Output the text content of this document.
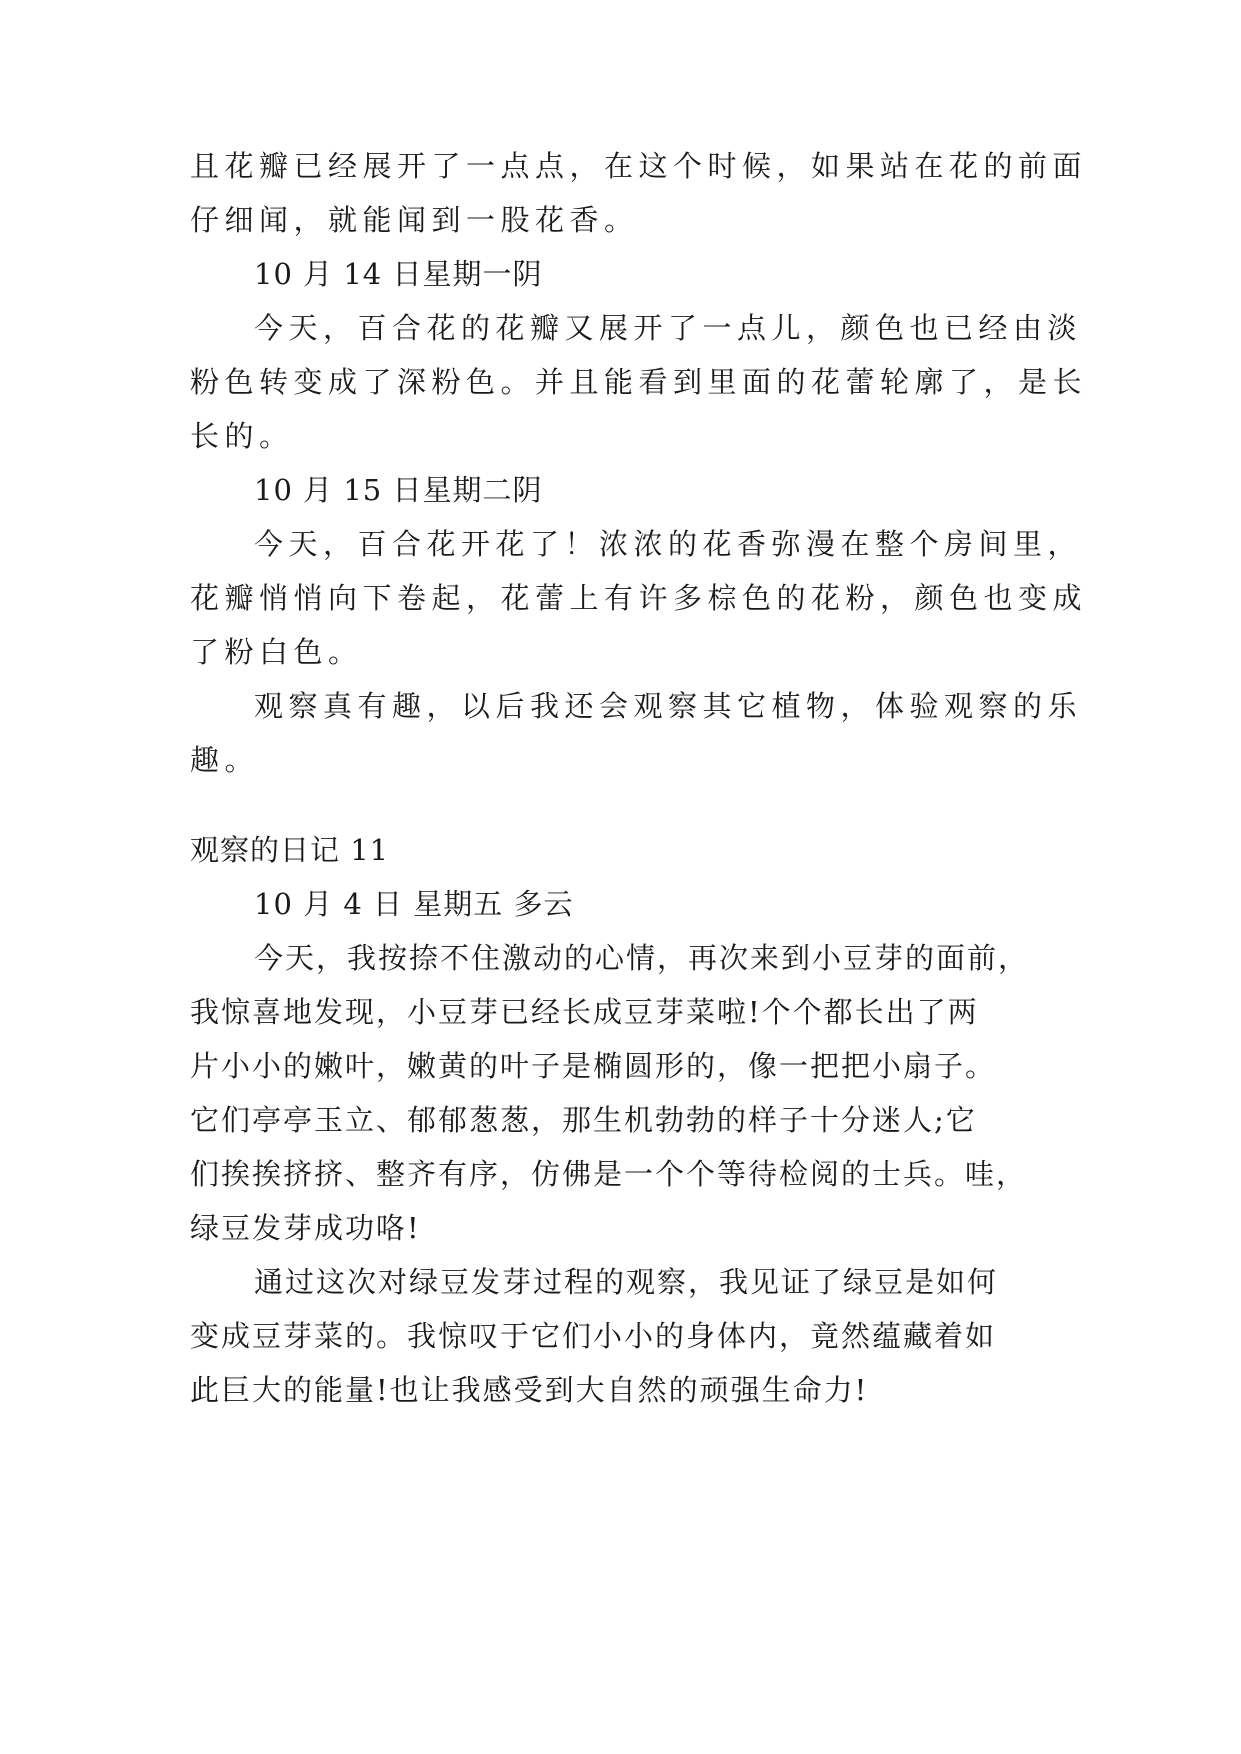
且花瓣已经展开了一点点，在这个时候，如果站在花的前面
仔细闻，就能闻到一股花香。
10 月 14 日星期一阴
今天，百合花的花瓣又展开了一点儿，颜色也已经由淡
粉色转变成了深粉色。并且能看到里面的花蕾轮廓了，是长
长的。
10 月 15 日星期二阴
今天，百合花开花了！浓浓的花香弥漫在整个房间里，
花瓣悄悄向下卷起，花蕾上有许多棕色的花粉，颜色也变成
了粉白色。
观察真有趣，以后我还会观察其它植物，体验观察的乐
趣。
观察的日记 11
10 月 4 日 星期五 多云
今天，我按捺不住激动的心情，再次来到小豆芽的面前，
我惊喜地发现，小豆芽已经长成豆芽菜啦!个个都长出了两
片小小的嫩叶，嫩黄的叶子是椭圆形的，像一把把小扇子。
它们亭亭玉立、郁郁葱葱，那生机勃勃的样子十分迷人;它
们挨挨挤挤、整齐有序，仿佛是一个个等待检阅的士兵。哇，
绿豆发芽成功咯!
通过这次对绿豆发芽过程的观察，我见证了绿豆是如何
变成豆芽菜的。我惊叹于它们小小的身体内，竟然蕴藏着如
此巨大的能量!也让我感受到大自然的顽强生命力!
